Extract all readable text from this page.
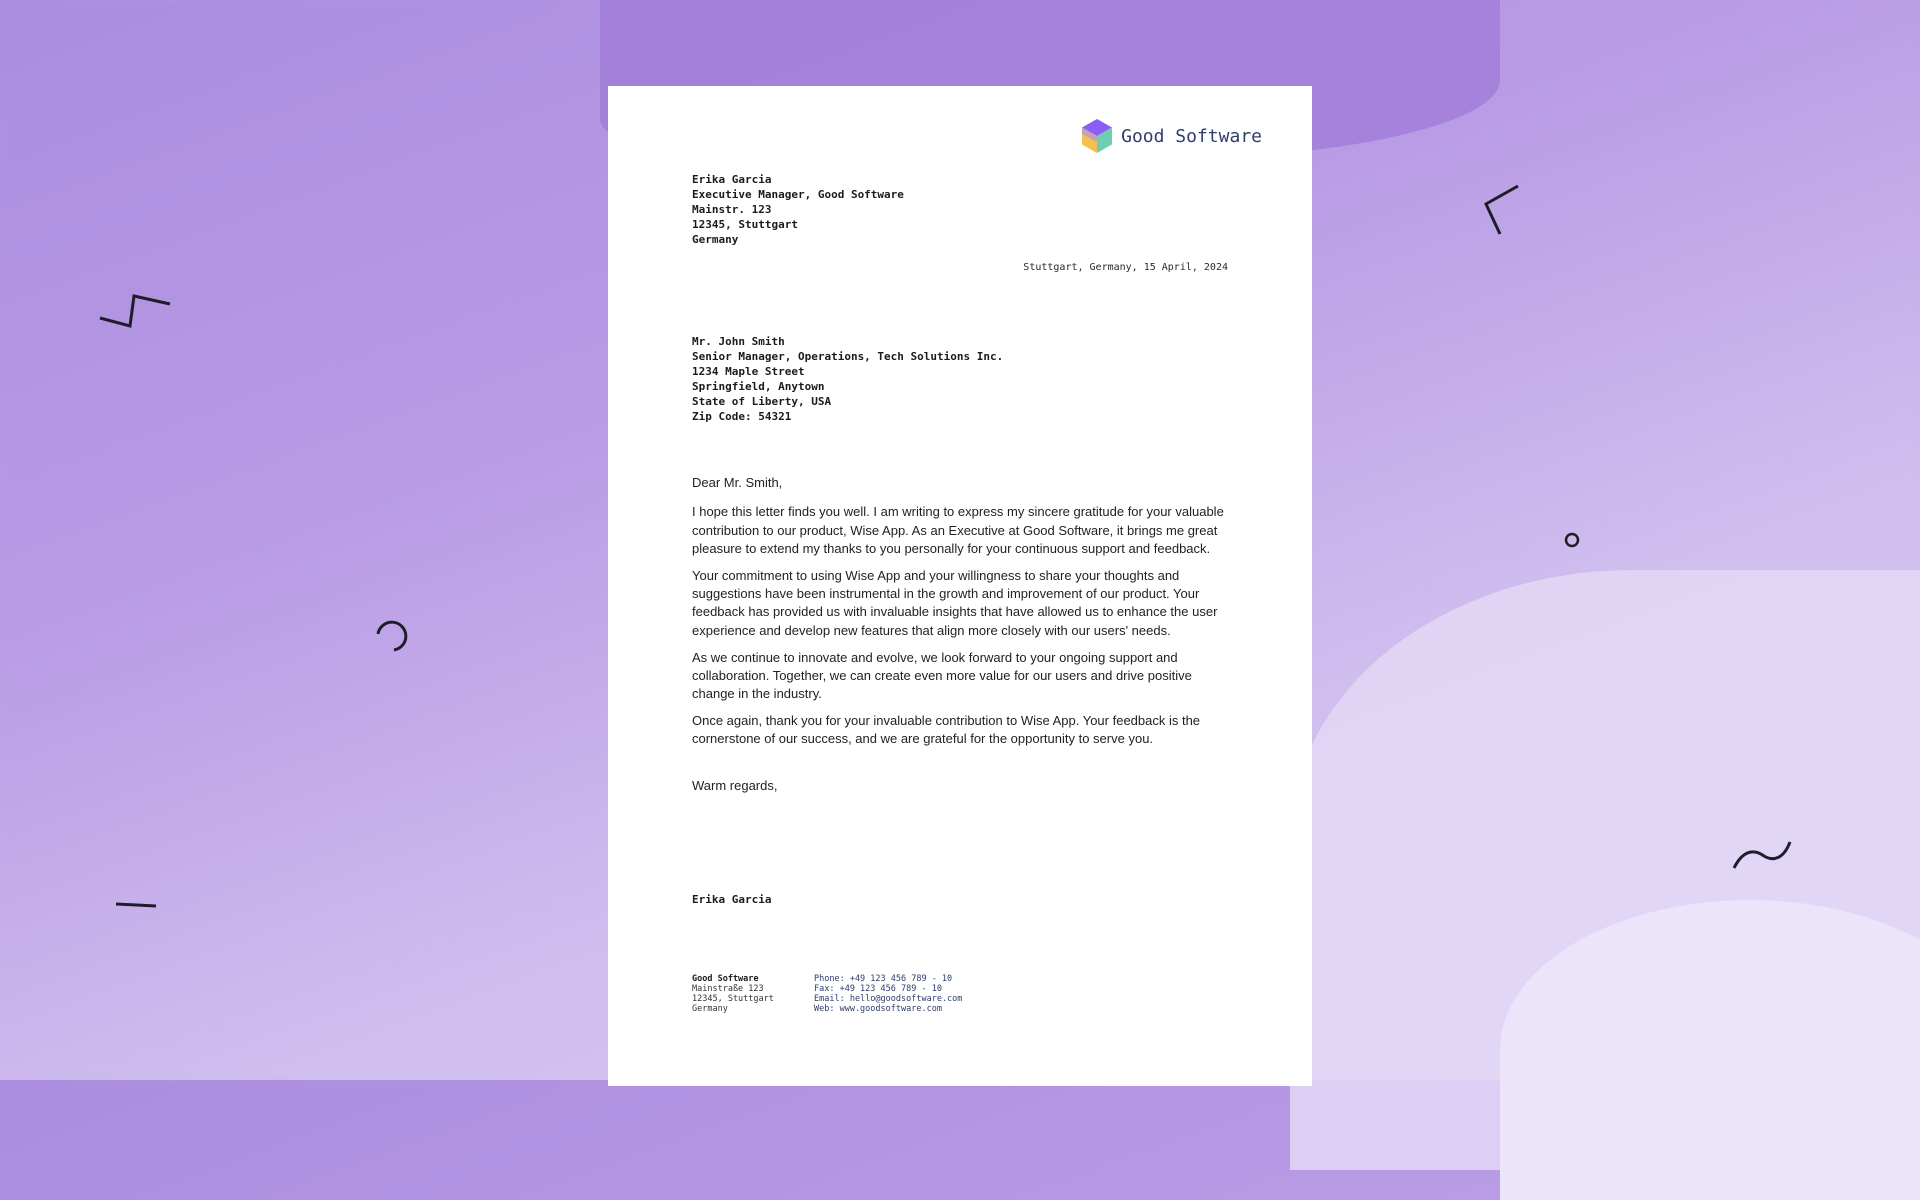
Good Software
Erika Garcia
Executive Manager, Good Software
Mainstr. 123
12345, Stuttgart
Germany
Stuttgart, Germany, 15 April, 2024
Mr. John Smith
Senior Manager, Operations, Tech Solutions Inc.
1234 Maple Street
Springfield, Anytown
State of Liberty, USA
Zip Code: 54321

Dear Mr. Smith,

I hope this letter finds you well. I am writing to express my sincere gratitude for your valuable contribution to our product, Wise App. As an Executive at Good Software, it brings me great pleasure to extend my thanks to you personally for your continuous support and feedback.

Your commitment to using Wise App and your willingness to share your thoughts and suggestions have been instrumental in the growth and improvement of our product. Your feedback has provided us with invaluable insights that have allowed us to enhance the user experience and develop new features that align more closely with our users' needs.

As we continue to innovate and evolve, we look forward to your ongoing support and collaboration. Together, we can create even more value for our users and drive positive change in the industry.

Once again, thank you for your invaluable contribution to Wise App. Your feedback is the cornerstone of our success, and we are grateful for the opportunity to serve you.

Warm regards,
Erika Garcia
Good Software
Mainstraße 123
12345, Stuttgart
Germany
Phone: +49 123 456 789 - 10
Fax: +49 123 456 789 - 10
Email: hello@goodsoftware.com
Web: www.goodsoftware.com
